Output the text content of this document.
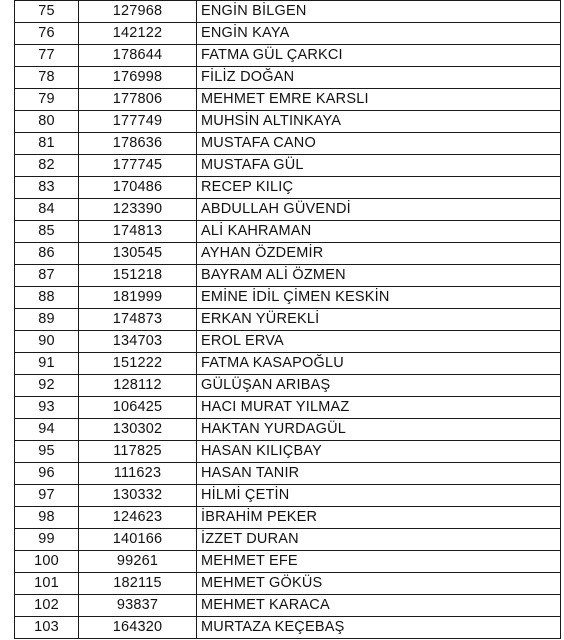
75	127968	ENGİN BİLGEN
76	142122	ENGİN KAYA
77	178644	FATMA GÜL ÇARKCI
78	176998	FİLİZ DOĞAN
79	177806	MEHMET EMRE KARSLI
80	177749	MUHSİN ALTINKAYA
81	178636	MUSTAFA CANO
82	177745	MUSTAFA GÜL
83	170486	RECEP KILIÇ
84	123390	ABDULLAH GÜVENDİ
85	174813	ALİ KAHRAMAN
86	130545	AYHAN ÖZDEMİR
87	151218	BAYRAM ALİ ÖZMEN
88	181999	EMİNE İDİL ÇİMEN KESKİN
89	174873	ERKAN YÜREKLİ
90	134703	EROL ERVA
91	151222	FATMA KASAPOĞLU
92	128112	GÜLÜŞAN ARIBAŞ
93	106425	HACI MURAT YILMAZ
94	130302	HAKTAN YURDAGÜL
95	117825	HASAN KILIÇBAY
96	111623	HASAN TANIR
97	130332	HİLMİ ÇETİN
98	124623	İBRAHİM PEKER
99	140166	İZZET DURAN
100	99261	MEHMET EFE
101	182115	MEHMET GÖKÜS
102	93837	MEHMET KARACA
103	164320	MURTAZA KEÇEBAŞ
